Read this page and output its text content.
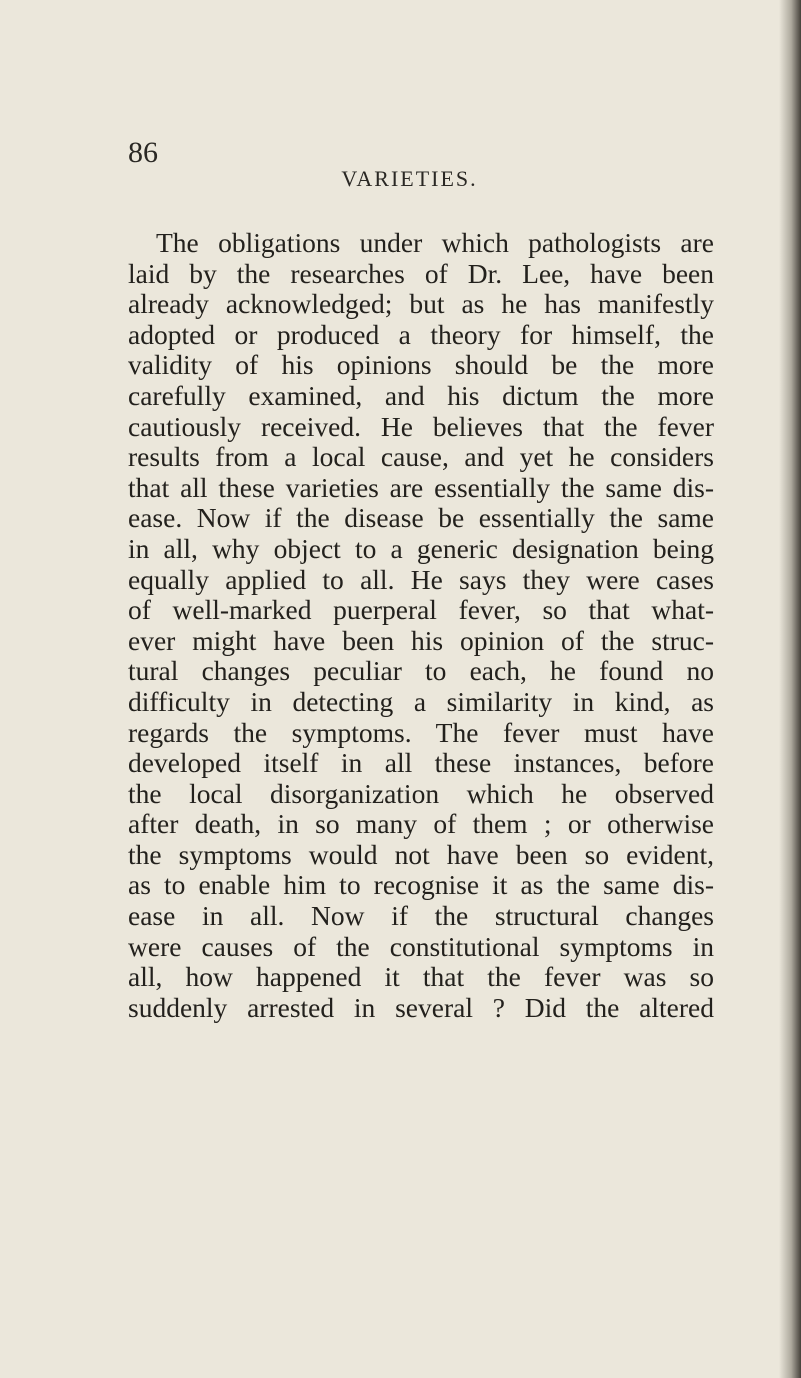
86

VARIETIES.

The obligations under which pathologists are
laid by the researches of Dr. Lee, have been
already acknowledged; but as he has manifestly
adopted or produced a theory for himself, the
validity of his opinions should be the more
carefully examined, and his dictum the more
cautiously received. He believes that the fever
results from a local cause, and yet he considers
that all these varieties are essentially the same dis-
ease. Now if the disease be essentially the same
in all, why object to a generic designation being
equally applied to all. He says they were cases
of well-marked puerperal fever, so that what-
ever might have been his opinion of the struc-
tural changes peculiar to each, he found no
difficulty in detecting a similarity in kind, as
regards the symptoms. The fever must have
developed itself in all these instances, before
the local disorganization which he observed
after death, in so many of them ; or otherwise
the symptoms would not have been so evident,
as to enable him to recognise it as the same dis-
ease in all. Now if the structural changes
were causes of the constitutional symptoms in
all, how happened it that the fever was so
suddenly arrested in several ? Did the altered
